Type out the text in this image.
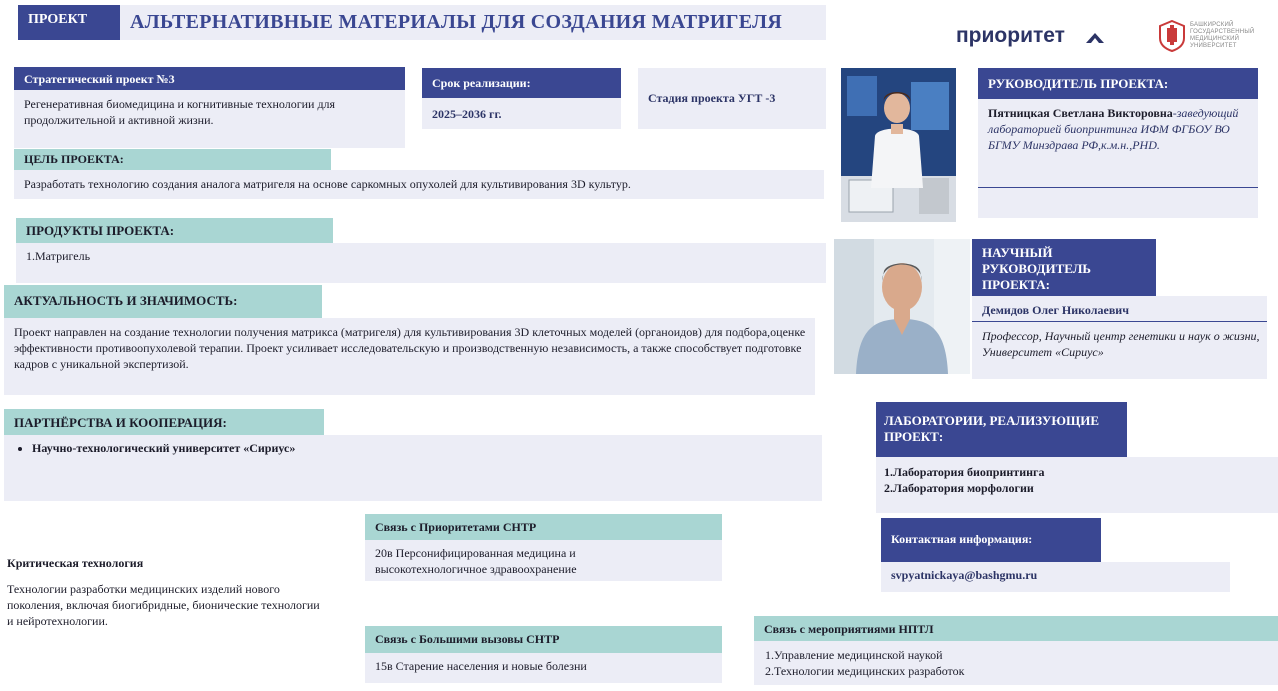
ПРОЕКТ	АЛЬТЕРНАТИВНЫЕ МАТЕРИАЛЫ ДЛЯ СОЗДАНИЯ МАТРИГЕЛЯ
приоритет	БАШКИРСКИЙ
ГОСУДАРСТВЕННЫЙ
МЕДИЦИНСКИЙ
УНИВЕРСИТЕТ
Стратегический проект №3
Регенеративная биомедицина и когнитивные технологии для продолжительной и активной жизни.
Срок реализации:
2025–2036 гг.
Стадия проекта УГТ -3
ЦЕЛЬ ПРОЕКТА:
Разработать технологию создания аналога матригеля на основе саркомных опухолей для культивирования 3D культур.
ПРОДУКТЫ ПРОЕКТА:
1.Матригель
АКТУАЛЬНОСТЬ И ЗНАЧИМОСТЬ:
Проект направлен на создание технологии получения матрикса (матригеля) для культивирования 3D клеточных моделей (органоидов) для подбора,оценке эффективности противоопухолевой терапии. Проект усиливает исследовательскую и производственную независимость, а также способствует подготовке кадров с уникальной экспертизой.
ПАРТНЁРСТВА И КООПЕРАЦИЯ:
• Научно-технологический университет «Сириус»
Критическая технология
Технологии разработки медицинских изделий нового поколения, включая биогибридные, бионические технологии и нейротехнологии.
Связь с Приоритетами СНТР
20в Персонифицированная медицина и высокотехнологичное здравоохранение
Связь с Большими вызовы СНТР
15в Старение населения и новые болезни
Связь с мероприятиями НПТЛ
1.Управление медицинской наукой
2.Технологии медицинских разработок
РУКОВОДИТЕЛЬ ПРОЕКТА:
Пятницкая Светлана Викторовна-заведующий лабораторией биопринтинга ИФМ ФГБОУ ВО БГМУ Минздрава РФ,к.м.н.,PHD.
НАУЧНЫЙ РУКОВОДИТЕЛЬ ПРОЕКТА:
Демидов Олег Николаевич
Профессор, Научный центр генетики и наук о жизни, Университет «Сириус»
ЛАБОРАТОРИИ, РЕАЛИЗУЮЩИЕ ПРОЕКТ:
1.Лаборатория биопринтинга
2.Лаборатория морфологии
Контактная информация:
svpyatnickaya@bashgmu.ru
